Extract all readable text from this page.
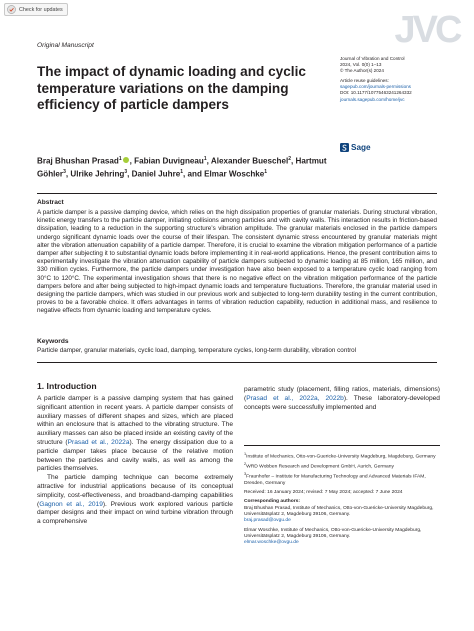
Check for updates	JVC
Original Manuscript
The impact of dynamic loading and cyclic temperature variations on the damping efficiency of particle dampers
Journal of Vibration and Control
2024, Vol. 0(0) 1–13
© The Author(s) 2024
Article reuse guidelines:
sagepub.com/journals-permissions
DOI: 10.1177/10775463241264332
journals.sagepub.com/home/jvc
Sage
Braj Bhushan Prasad$^1$ , Fabian Duvigneau$^1$, Alexander Bueschel$^2$, Hartmut Göhler$^3$, Ulrike Jehring$^3$, Daniel Juhre$^1$, and Elmar Woschke$^1$
Abstract
A particle damper is a passive damping device, which relies on the high dissipation properties of granular materials. During structural vibration, kinetic energy transfers to the particle damper, initiating collisions among particles and with cavity walls. This interaction results in friction-based dissipation, leading to a reduction in the supporting structure’s vibration amplitude. The granular materials enclosed in the particle dampers undergo significant dynamic loads over the course of their lifespan. The consistent dynamic stress encountered by granular materials might alter the vibration attenuation capability of a particle damper. Therefore, it is crucial to examine the vibration mitigation performance of a particle damper after subjecting it to substantial dynamic loads before implementing it in real-world applications. Hence, the present contribution aims to experimentally investigate the vibration attenuation capability of particle dampers subjected to dynamic loading at 85 million, 165 million, and 330 million cycles. Furthermore, the particle dampers under investigation have also been exposed to a temperature cyclic load ranging from 30°C to 120°C. The experimental investigation shows that there is no negative effect on the vibration mitigation performance of the particle dampers before and after being subjected to high-impact dynamic loads and temperature fluctuations. Therefore, the granular material used in designing the particle dampers, which was studied in our previous work and subjected to long-term durability testing in the current contribution, proves to be a favorable choice. It offers advantages in terms of vibration reduction capability, reduction in additional mass, and resilience to negative effects from dynamic loading and temperature cycles.
Keywords
Particle damper, granular materials, cyclic load, damping, temperature cycles, long-term durability, vibration control
1. Introduction

A particle damper is a passive damping system that has gained significant attention in recent years. A particle damper consists of auxiliary masses of different shapes and sizes, which are placed within an enclosure that is attached to the vibrating structure. The auxiliary masses can also be placed inside an existing cavity of the structure (Prasad et al., 2022a). The energy dissipation due to a particle damper takes place because of the relative motion between the particles and cavity walls, as well as among the particles themselves.

The particle damping technique can become extremely attractive for industrial applications because of its conceptual simplicity, cost-effectiveness, and broadband-damping capabilities (Gagnon et al., 2019). Previous work explored various particle damper designs and their impact on wind turbine vibration through a comprehensive

parametric study (placement, filling ratios, materials, dimensions) (Prasad et al., 2022a, 2022b). These laboratory-developed concepts were successfully implemented and

$^1$Institute of Mechanics, Otto-von-Guericke-University Magdeburg, Magdeburg, Germany
$^2$WRD Wobben Research and Development GmbH, Aurich, Germany
$^3$Fraunhofer – Institute for Manufacturing Technology and Advanced Materials IFAM, Dresden, Germany
Received: 16 January 2024; revised: 7 May 2024; accepted: 7 June 2024
Corresponding authors:
Braj Bhushan Prasad, Institute of Mechanics, Otto-von-Guericke-University Magdeburg, Universitätsplatz 2, Magdeburg 39106, Germany.
braj.prasad@ovgu.de
Elmar Woschke, Institute of Mechanics, Otto-von-Guericke-University Magdeburg, Universitätsplatz 2, Magdeburg 39106, Germany.
elmar.woschke@ovgu.de
